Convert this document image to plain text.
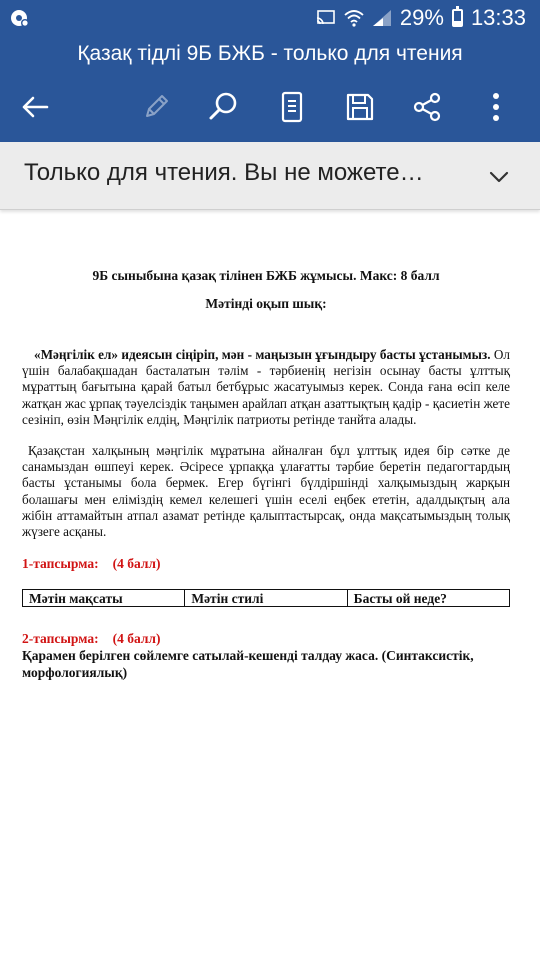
29% 13:33
Қазақ тідлі 9Б БЖБ - только для чтения
Только для чтения. Вы не можете…
9Б сыныбына қазақ тілінен БЖБ жұмысы. Макс: 8 балл
Мәтінді оқып шық:
«Мәңгілік ел» идеясын сіңіріп, мән - маңызын ұғындыру басты ұстанымыз. Ол үшін балабақшадан басталатын тәлім - тәрбиенің негізін осынау басты ұлттық мұраттың бағытына қарай батыл бетбұрыс жасатуымыз керек. Сонда ғана өсіп келе жатқан жас ұрпақ тәуелсіздік таңымен арайлап атқан азаттықтың қадір - қасиетін жете сезініп, өзін Мәңгілік елдің, Мәңгілік патриоты ретінде танйта алады.
Қазақстан халқының мәңгілік мұратына айналған бұл ұлттық идея бір сәтке де санамыздан өшпеуі керек. Әсіресе ұрпаққа ұлағатты тәрбие беретін педагогтардың басты ұстанымы бола бермек. Егер бүгінгі бүлдіршінді халқымыздың жарқын болашағы мен еліміздің кемел келешегі үшін еселі еңбек ететін, адалдықтың ала жібін аттамайтын атпал азамат ретінде қалыптастырсақ, онда мақсатымыздың толық жүзеге асқаны.
1-тапсырма: (4 балл)
Мәтін мақсаты	Мәтін стилі	Басты ой неде?
2-тапсырма: (4 балл)
Қарамен берілген сөйлемге сатылай-кешенді талдау жаса. (Синтаксистік, морфологиялық)
